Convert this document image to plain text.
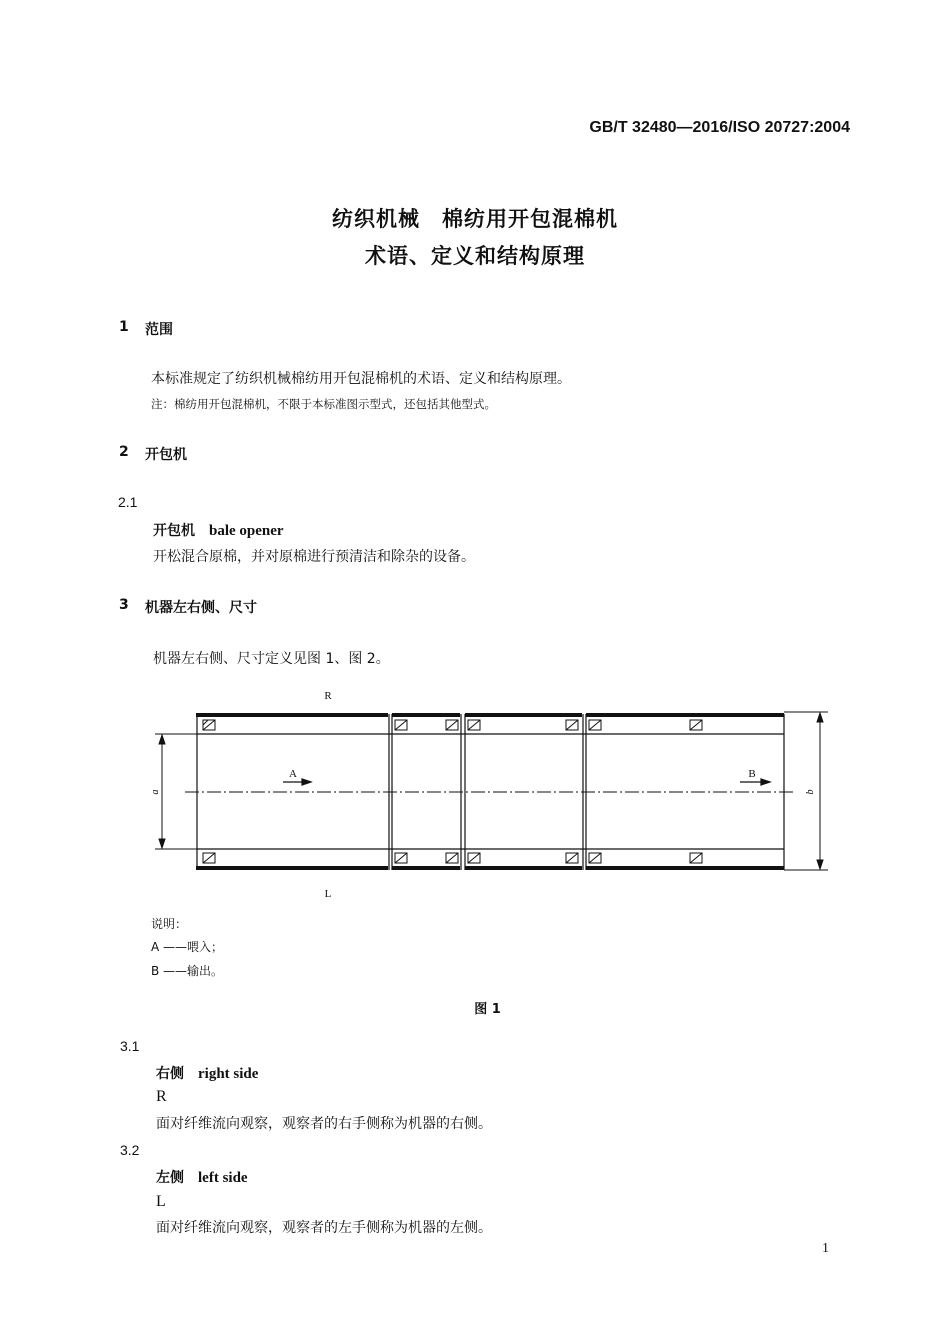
GB/T 32480—2016/ISO 20727:2004
纺织机械　棉纺用开包混棉机
术语、定义和结构原理
1 范围
本标准规定了纺织机械棉纺用开包混棉机的术语、定义和结构原理。
注：棉纺用开包混棉机，不限于本标准图示型式，还包括其他型式。
2 开包机
2.1
开包机 bale opener
开松混合原棉，并对原棉进行预清洁和除杂的设备。
3 机器左右侧、尺寸
机器左右侧、尺寸定义见图 1、图 2。
R
L
A	B
a	b
说明：
A ——喂入；
B ——输出。
图 1
3.1
右侧 right side
R
面对纤维流向观察，观察者的右手侧称为机器的右侧。
3.2
左侧 left side
L
面对纤维流向观察，观察者的左手侧称为机器的左侧。
1
